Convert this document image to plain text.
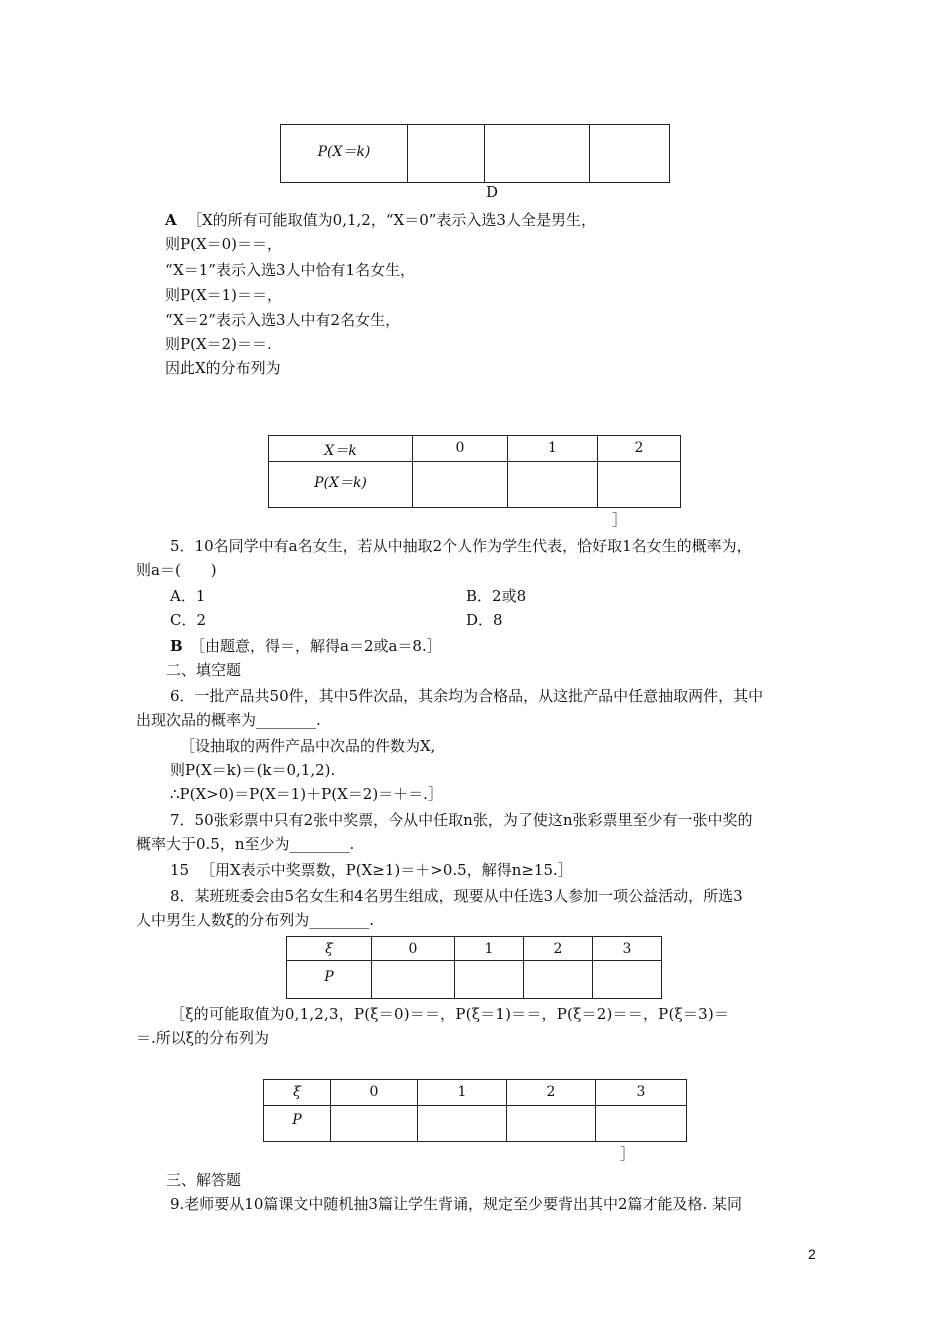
P(X＝k)			
D
A ［X的所有可能取值为0,1,2，“X＝0”表示入选3人全是男生，
则P(X＝0)＝＝，
“X＝1”表示入选3人中恰有1名女生，
则P(X＝1)＝＝，
“X＝2”表示入选3人中有2名女生，
则P(X＝2)＝＝.
因此X的分布列为
X＝k	0	1	2
P(X＝k)			
］
5．10名同学中有a名女生，若从中抽取2个人作为学生代表，恰好取1名女生的概率为，
则a＝(　　)
A．1	B．2或8
C．2	D．8
B ［由题意，得＝，解得a＝2或a＝8.］
二、填空题
6．一批产品共50件，其中5件次品，其余均为合格品，从这批产品中任意抽取两件，其中
出现次品的概率为________.
［设抽取的两件产品中次品的件数为X,
则P(X＝k)＝(k＝0,1,2).
∴P(X>0)＝P(X＝1)＋P(X＝2)＝＋＝.］
7．50张彩票中只有2张中奖票，今从中任取n张，为了使这n张彩票里至少有一张中奖的
概率大于0.5，n至少为________.
15 ［用X表示中奖票数，P(X≥1)＝＋>0.5，解得n≥15.］
8．某班班委会由5名女生和4名男生组成，现要从中任选3人参加一项公益活动，所选3
人中男生人数ξ的分布列为________.
ξ	0	1	2	3
P				
［ξ的可能取值为0,1,2,3，P(ξ＝0)＝＝，P(ξ＝1)＝＝，P(ξ＝2)＝＝，P(ξ＝3)＝
＝.所以ξ的分布列为
ξ	0	1	2	3
P				
］
三、解答题
9.老师要从10篇课文中随机抽3篇让学生背诵，规定至少要背出其中2篇才能及格. 某同
2
